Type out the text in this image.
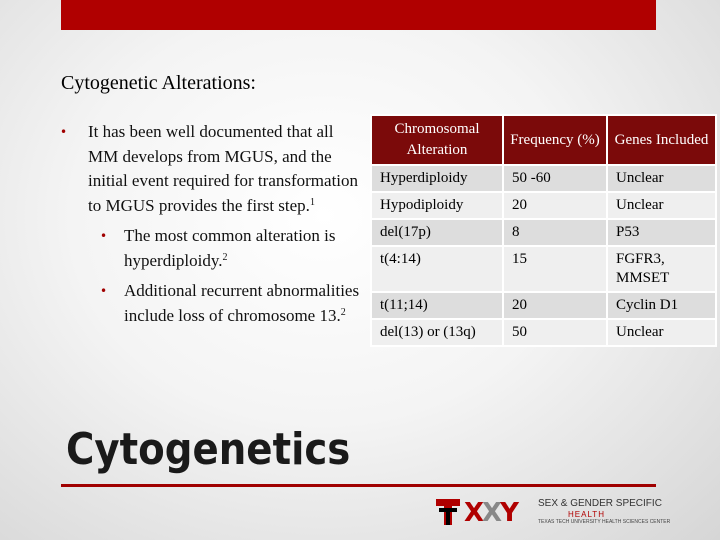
Cytogenetic Alterations:
• It has been well documented that all MM develops from MGUS, and the initial event required for transformation to MGUS provides the first step.$^1$
• The most common alteration is hyperdiploidy.$^2$
• Additional recurrent abnormalities include loss of chromosome 13.$^2$
Chromosomal Alteration	Frequency (%)	Genes Included
Hyperdiploidy	50 -60	Unclear
Hypodiploidy	20	Unclear
del(17p)	8	P53
t(4:14)	15	FGFR3, MMSET
t(11;14)	20	Cyclin D1
del(13) or (13q)	50	Unclear
Cytogenetics
XXY SEX & GENDER SPECIFIC
HEALTH
TEXAS TECH UNIVERSITY HEALTH SCIENCES CENTER
